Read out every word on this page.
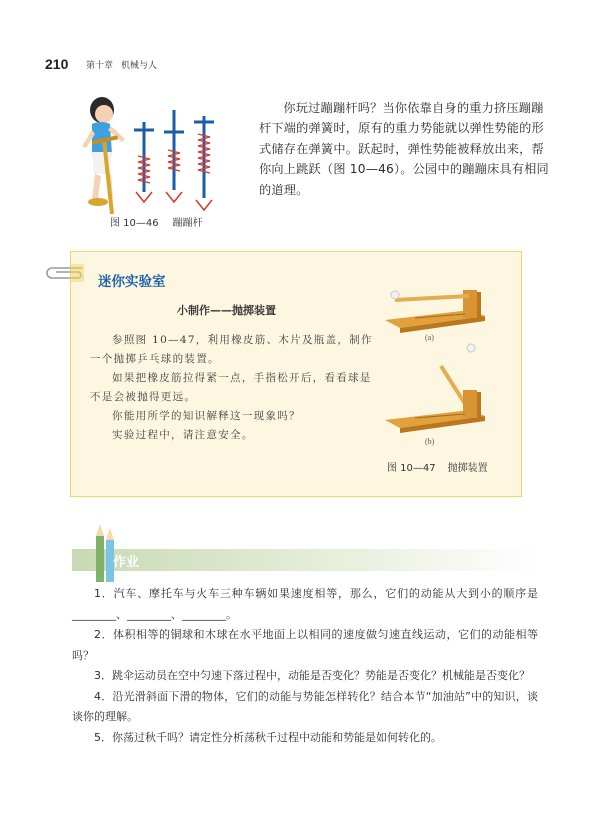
210 第十章 机械与人
图 10—46 蹦蹦杆
你玩过蹦蹦杆吗？当你依靠自身的重力挤压蹦蹦杆下端的弹簧时，原有的重力势能就以弹性势能的形式储存在弹簧中。跃起时，弹性势能被释放出来，帮你向上跳跃（图 10—46）。公园中的蹦蹦床具有相同的道理。
迷你实验室
小制作——抛掷装置

参照图 10—47，利用橡皮筋、木片及瓶盖，制作一个抛掷乒乓球的装置。

如果把橡皮筋拉得紧一点，手指松开后，看看球是不是会被抛得更远。

你能用所学的知识解释这一现象吗？

实验过程中，请注意安全。

(a)
(b)
图 10—47 抛掷装置
作业

1．汽车、摩托车与火车三种车辆如果速度相等，那么，它们的动能从大到小的顺序是 ________、________、________。

2．体积相等的铜球和木球在水平地面上以相同的速度做匀速直线运动，它们的动能相等吗？

3．跳伞运动员在空中匀速下落过程中，动能是否变化？势能是否变化？机械能是否变化？

4．沿光滑斜面下滑的物体，它们的动能与势能怎样转化？结合本节“加油站”中的知识，谈谈你的理解。

5．你荡过秋千吗？请定性分析荡秋千过程中动能和势能是如何转化的。
